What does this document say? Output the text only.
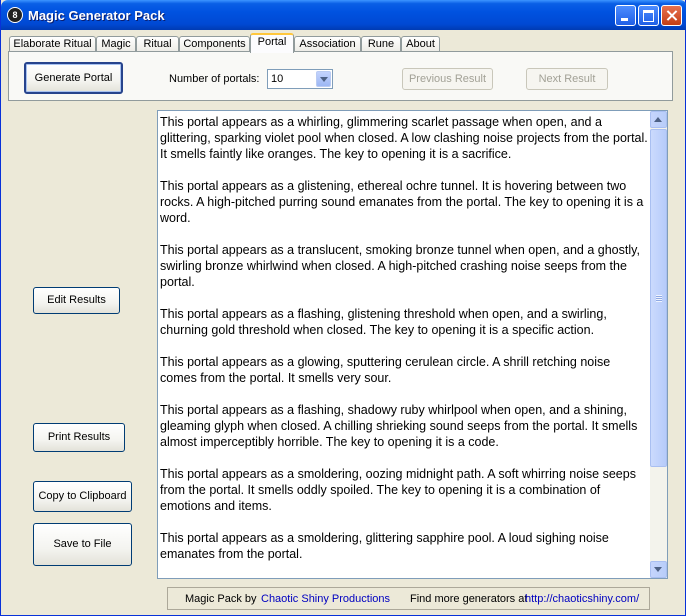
8 Magic Generator Pack
Elaborate Ritual Magic	Ritual	Components	Portal	Association	Rune	About
Generate Portal	Number of portals: 10	Previous Result	Next Result
Edit Results
Print Results
Copy to Clipboard
Save to File

This portal appears as a whirling, glimmering scarlet passage when open, and a glittering, sparking violet pool when closed. A low clashing noise projects from the portal. It smells faintly like oranges. The key to opening it is a sacrifice.

This portal appears as a glistening, ethereal ochre tunnel. It is hovering between two rocks. A high-pitched purring sound emanates from the portal. The key to opening it is a word.

This portal appears as a translucent, smoking bronze tunnel when open, and a ghostly, swirling bronze whirlwind when closed. A high-pitched crashing noise seeps from the portal.

This portal appears as a flashing, glistening threshold when open, and a swirling, churning gold threshold when closed. The key to opening it is a specific action.

This portal appears as a glowing, sputtering cerulean circle. A shrill retching noise comes from the portal. It smells very sour.

This portal appears as a flashing, shadowy ruby whirlpool when open, and a shining, gleaming glyph when closed. A chilling shrieking sound seeps from the portal. It smells almost imperceptibly horrible. The key to opening it is a code.

This portal appears as a smoldering, oozing midnight path. A soft whirring noise seeps from the portal. It smells oddly spoiled. The key to opening it is a combination of emotions and items.

This portal appears as a smoldering, glittering sapphire pool. A loud sighing noise emanates from the portal.

Magic Pack by Chaotic Shiny Productions Find more generators at
http://chaoticshiny.com/
